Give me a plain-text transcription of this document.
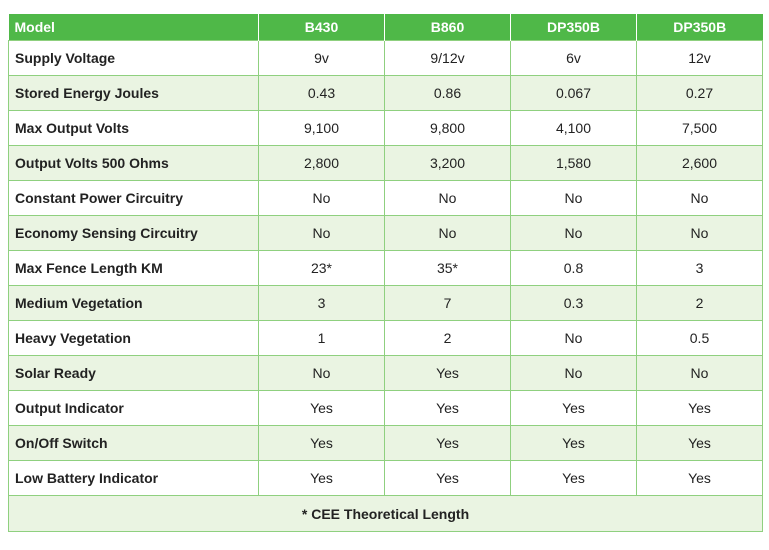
Model	B430	B860	DP350B	DP350B
Supply Voltage	9v	9/12v	6v	12v
Stored Energy Joules	0.43	0.86	0.067	0.27
Max Output Volts	9,100	9,800	4,100	7,500
Output Volts 500 Ohms	2,800	3,200	1,580	2,600
Constant Power Circuitry	No	No	No	No
Economy Sensing Circuitry	No	No	No	No
Max Fence Length KM	23*	35*	0.8	3
Medium Vegetation	3	7	0.3	2
Heavy Vegetation	1	2	No	0.5
Solar Ready	No	Yes	No	No
Output Indicator	Yes	Yes	Yes	Yes
On/Off Switch	Yes	Yes	Yes	Yes
Low Battery Indicator	Yes	Yes	Yes	Yes
* CEE Theoretical Length				
